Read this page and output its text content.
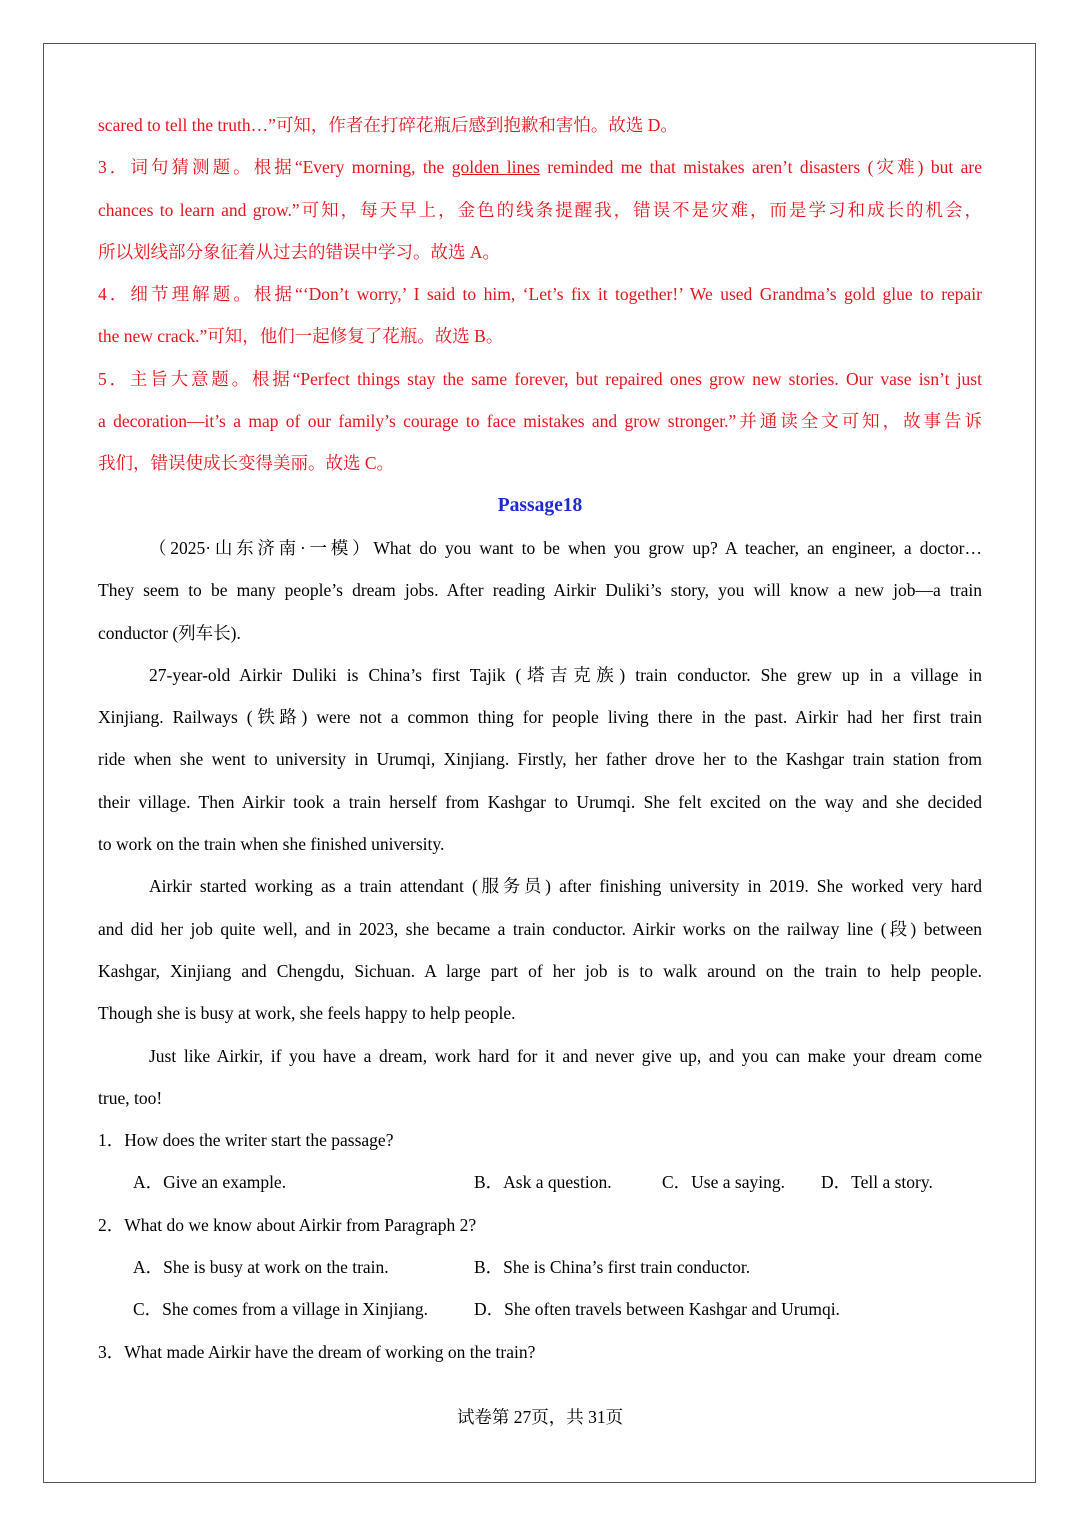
scared to tell the truth…”可知，作者在打碎花瓶后感到抱歉和害怕。故选 D。
3．词句猜测题。根据“Every morning, the golden lines reminded me that mistakes aren’t disasters (灾难) but are
chances to learn and grow.”可知，每天早上，金色的线条提醒我，错误不是灾难，而是学习和成长的机会，
所以划线部分象征着从过去的错误中学习。故选 A。
4．细节理解题。根据“‘Don’t worry,’ I said to him, ‘Let’s fix it together!’ We used Grandma’s gold glue to repair
the new crack.”可知，他们一起修复了花瓶。故选 B。
5．主旨大意题。根据“Perfect things stay the same forever, but repaired ones grow new stories. Our vase isn’t just
a decoration—it’s a map of our family’s courage to face mistakes and grow stronger.”并通读全文可知，故事告诉
我们，错误使成长变得美丽。故选 C。
Passage18
（2025·山东济南·一模）What do you want to be when you grow up? A teacher, an engineer, a doctor…
They seem to be many people’s dream jobs. After reading Airkir Duliki’s story, you will know a new job—a train
conductor (列车长).
27-year-old Airkir Duliki is China’s first Tajik (塔吉克族) train conductor. She grew up in a village in
Xinjiang. Railways (铁路) were not a common thing for people living there in the past. Airkir had her first train
ride when she went to university in Urumqi, Xinjiang. Firstly, her father drove her to the Kashgar train station from
their village. Then Airkir took a train herself from Kashgar to Urumqi. She felt excited on the way and she decided
to work on the train when she finished university.
Airkir started working as a train attendant (服务员) after finishing university in 2019. She worked very hard
and did her job quite well, and in 2023, she became a train conductor. Airkir works on the railway line (段) between
Kashgar, Xinjiang and Chengdu, Sichuan. A large part of her job is to walk around on the train to help people.
Though she is busy at work, she feels happy to help people.
Just like Airkir, if you have a dream, work hard for it and never give up, and you can make your dream come
true, too!
1．How does the writer start the passage?
A．Give an example.	B．Ask a question.	C．Use a saying. D．Tell a story.
2．What do we know about Airkir from Paragraph 2?
A．She is busy at work on the train.	B．She is China’s first train conductor.
C．She comes from a village in Xinjiang.	D．She often travels between Kashgar and Urumqi.
3．What made Airkir have the dream of working on the train?
试卷第 27页，共 31页
